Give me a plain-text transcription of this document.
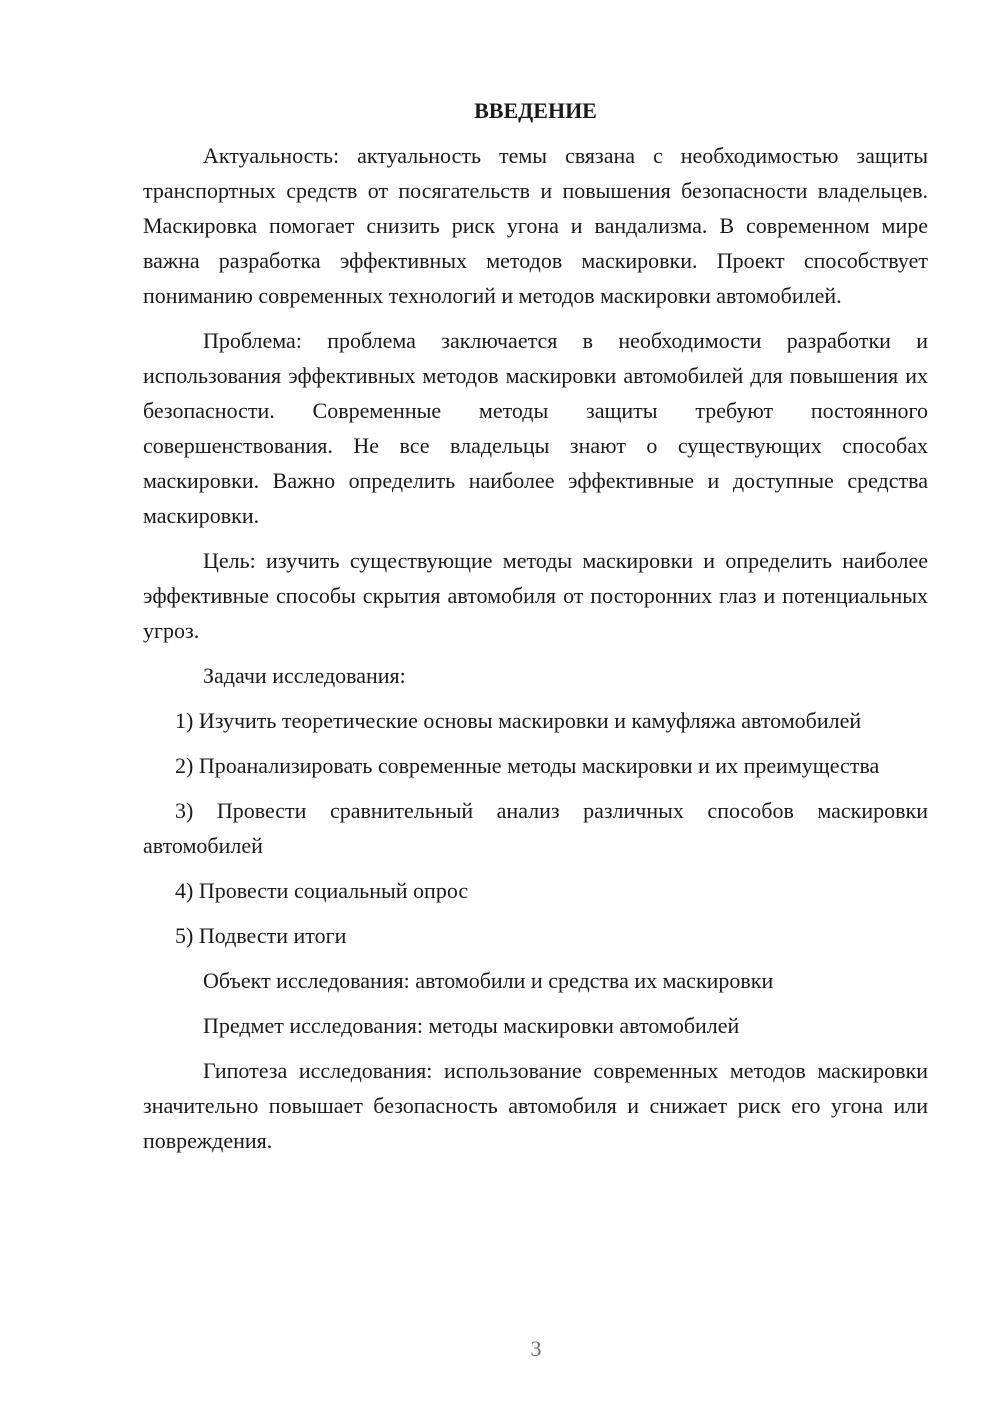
ВВЕДЕНИЕ

Актуальность: актуальность темы связана с необходимостью защиты транспортных средств от посягательств и повышения безопасности владельцев. Маскировка помогает снизить риск угона и вандализма. В современном мире важна разработка эффективных методов маскировки. Проект способствует пониманию современных технологий и методов маскировки автомобилей.

Проблема: проблема заключается в необходимости разработки и использования эффективных методов маскировки автомобилей для повышения их безопасности. Современные методы защиты требуют постоянного совершенствования. Не все владельцы знают о существующих способах маскировки. Важно определить наиболее эффективные и доступные средства маскировки.

Цель: изучить существующие методы маскировки и определить наиболее эффективные способы скрытия автомобиля от посторонних глаз и потенциальных угроз.

Задачи исследования:

1) Изучить теоретические основы маскировки и камуфляжа автомобилей

2) Проанализировать современные методы маскировки и их преимущества

3) Провести сравнительный анализ различных способов маскировки автомобилей

4) Провести социальный опрос

5) Подвести итоги

Объект исследования: автомобили и средства их маскировки

Предмет исследования: методы маскировки автомобилей

Гипотеза исследования: использование современных методов маскировки значительно повышает безопасность автомобиля и снижает риск его угона или повреждения.

3
